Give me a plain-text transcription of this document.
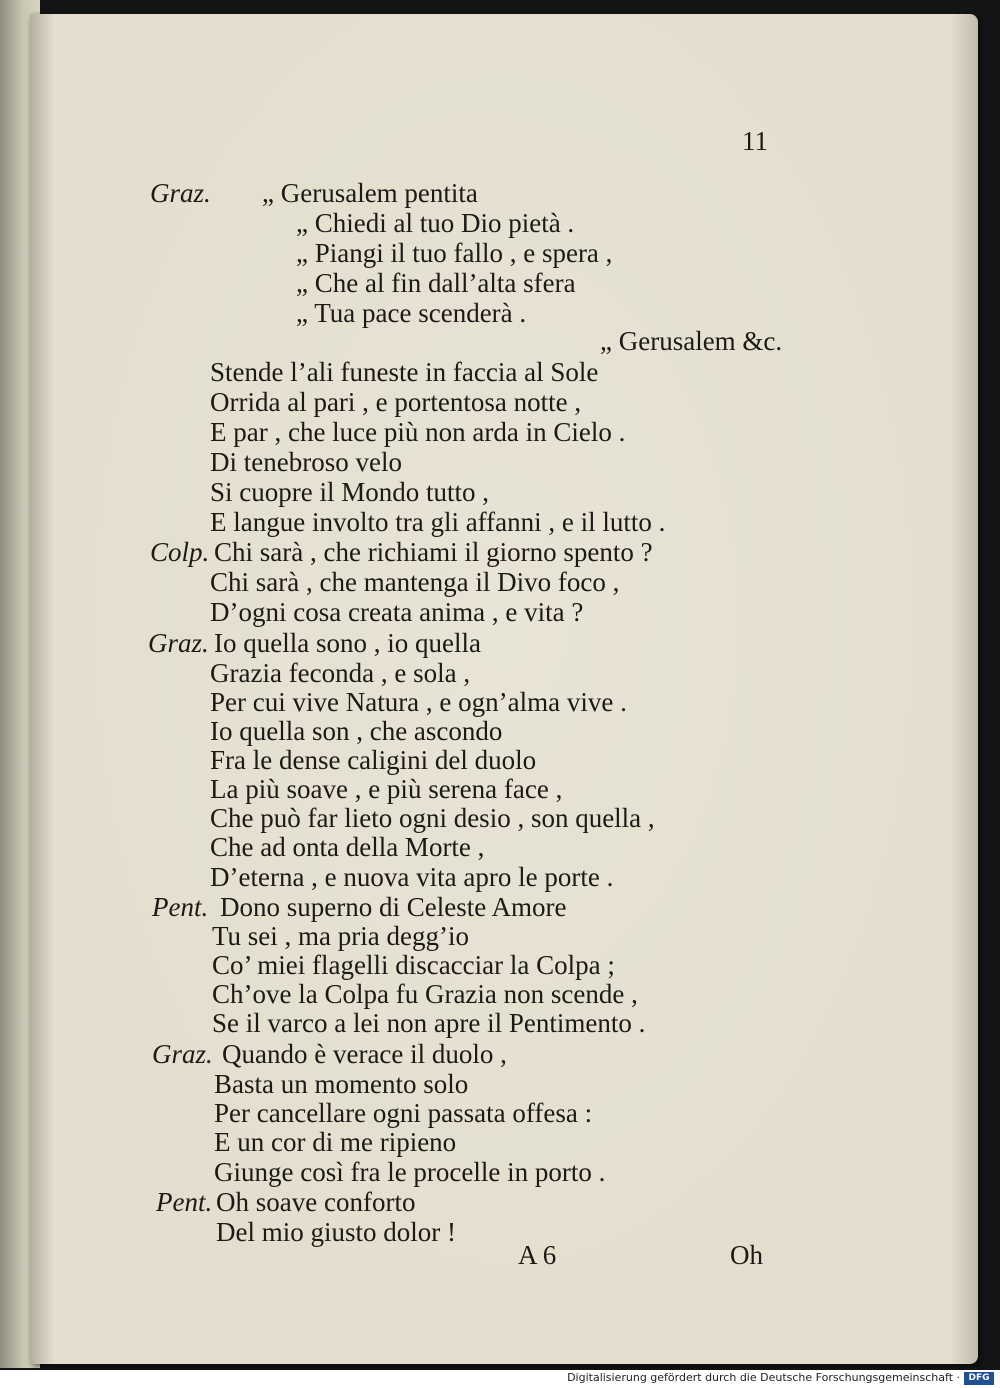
11
Graz. „ Gerusalem pentita
„ Chiedi al tuo Dio pietà .
„ Piangi il tuo fallo , e spera ,
„ Che al fin dall’alta sfera
„ Tua pace scenderà .
„ Gerusalem &c.
Stende l’ali funeste in faccia al Sole
Orrida al pari , e portentosa notte ,
E par , che luce più non arda in Cielo .
Di tenebroso velo
Si cuopre il Mondo tutto ,
E langue involto tra gli affanni , e il lutto .
Colp. Chi sarà , che richiami il giorno spento ?
Chi sarà , che mantenga il Divo foco ,
D’ogni cosa creata anima , e vita ?
Graz. Io quella sono , io quella
Grazia feconda , e sola ,
Per cui vive Natura , e ogn’alma vive .
Io quella son , che ascondo
Fra le dense caligini del duolo
La più soave , e più serena face ,
Che può far lieto ogni desio , son quella ,
Che ad onta della Morte ,
D’eterna , e nuova vita apro le porte .
Pent. Dono superno di Celeste Amore
Tu sei , ma pria degg’io
Co’ miei flagelli discacciar la Colpa ;
Ch’ove la Colpa fu Grazia non scende ,
Se il varco a lei non apre il Pentimento .
Graz. Quando è verace il duolo ,
Basta un momento solo
Per cancellare ogni passata offesa :
E un cor di me ripieno
Giunge così fra le procelle in porto .
Pent. Oh soave conforto
Del mio giusto dolor !
A 6	Oh
Digitalisierung gefördert durch die Deutsche Forschungsgemeinschaft · DFG
